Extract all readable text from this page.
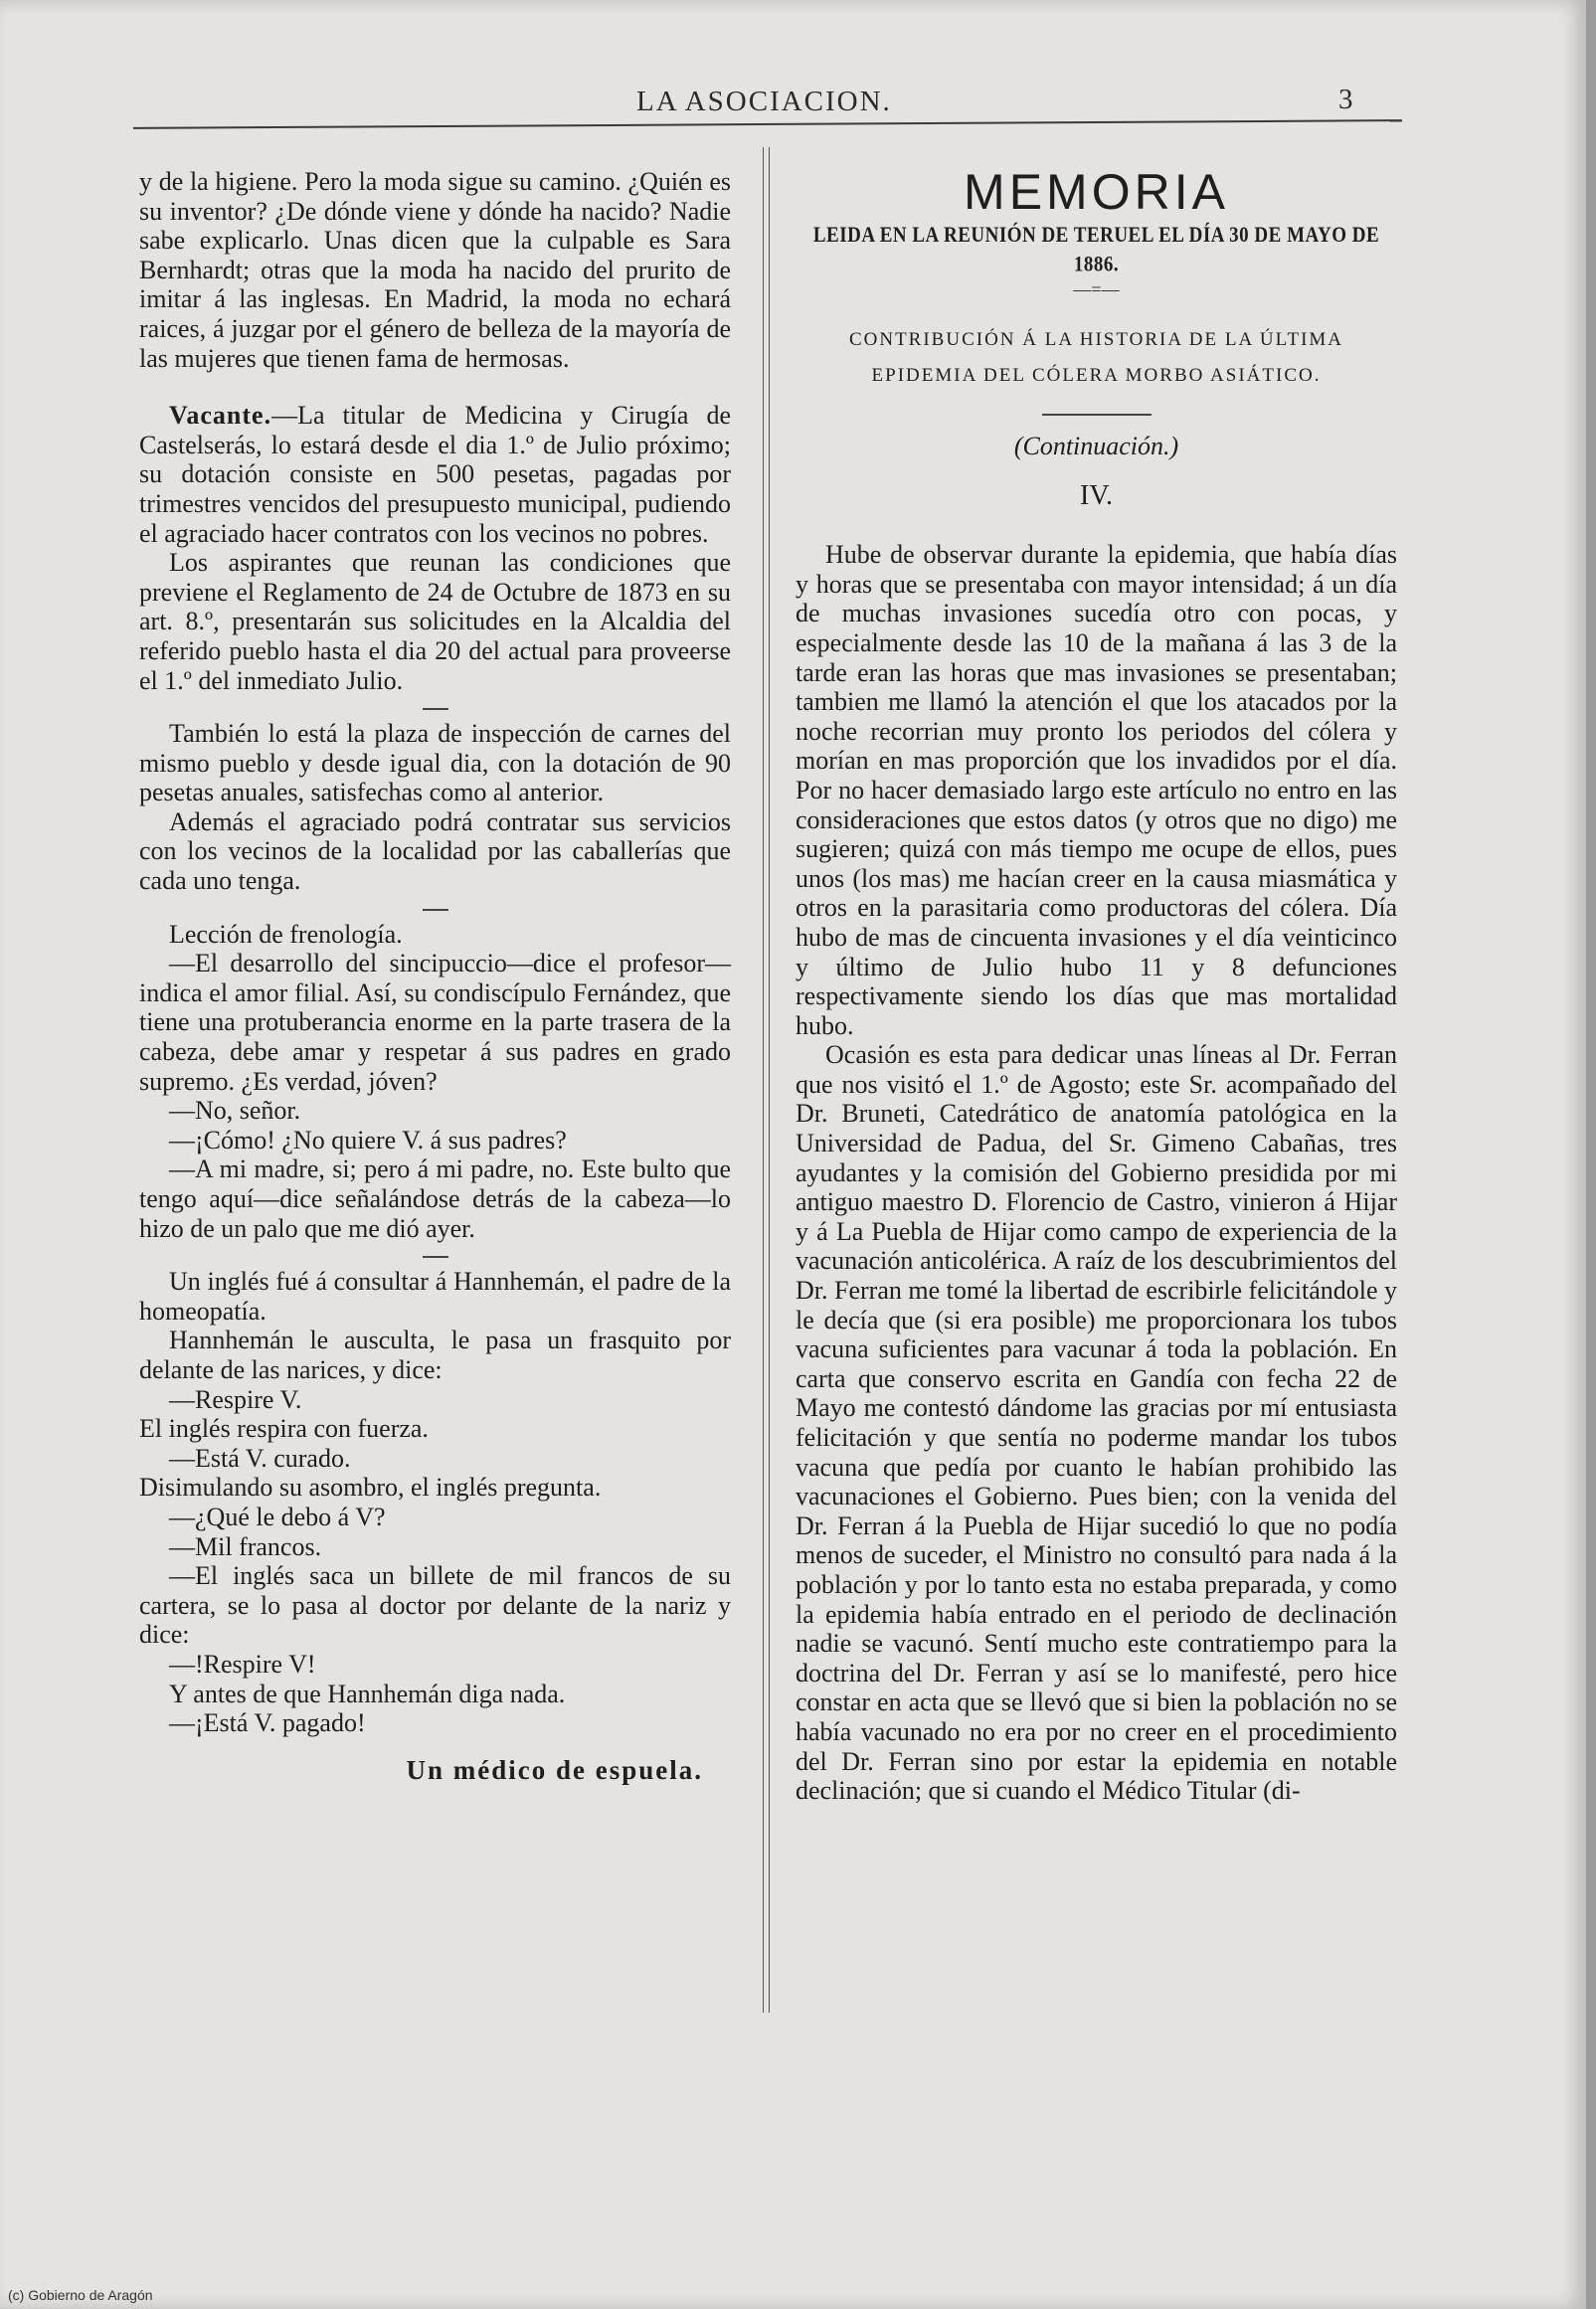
LA ASOCIACION.	3

y de la higiene. Pero la moda sigue su camino. ¿Quién es su inventor? ¿De dónde viene y dónde ha nacido? Nadie sabe explicarlo. Unas dicen que la culpable es Sara Bernhardt; otras que la moda ha nacido del prurito de imitar á las inglesas. En Madrid, la moda no echará raices, á juzgar por el género de belleza de la mayoría de las mujeres que tienen fama de hermosas.

Vacante.—La titular de Medicina y Cirugía de Castelserás, lo estará desde el dia 1.º de Julio próximo; su dotación consiste en 500 pesetas, pagadas por trimestres vencidos del presupuesto municipal, pudiendo el agraciado hacer contratos con los vecinos no pobres.

Los aspirantes que reunan las condiciones que previene el Reglamento de 24 de Octubre de 1873 en su art. 8.º, presentarán sus solicitudes en la Alcaldia del referido pueblo hasta el dia 20 del actual para proveerse el 1.º del inmediato Julio.

También lo está la plaza de inspección de carnes del mismo pueblo y desde igual dia, con la dotación de 90 pesetas anuales, satisfechas como al anterior.

Además el agraciado podrá contratar sus servicios con los vecinos de la localidad por las caballerías que cada uno tenga.

Lección de frenología.

—El desarrollo del sincipuccio—dice el profesor—indica el amor filial. Así, su condiscípulo Fernández, que tiene una protuberancia enorme en la parte trasera de la cabeza, debe amar y respetar á sus padres en grado supremo. ¿Es verdad, jóven?

—No, señor.

—¡Cómo! ¿No quiere V. á sus padres?

—A mi madre, si; pero á mi padre, no. Este bulto que tengo aquí—dice señalándose detrás de la cabeza—lo hizo de un palo que me dió ayer.

Un inglés fué á consultar á Hannhemán, el padre de la homeopatía.

Hannhemán le ausculta, le pasa un frasquito por delante de las narices, y dice:

—Respire V.

El inglés respira con fuerza.

—Está V. curado.

Disimulando su asombro, el inglés pregunta.

—¿Qué le debo á V?

—Mil francos.

—El inglés saca un billete de mil francos de su cartera, se lo pasa al doctor por delante de la nariz y dice:

—!Respire V!

Y antes de que Hannhemán diga nada.

—¡Está V. pagado!

Un médico de espuela.
MEMORIA
LEIDA EN LA REUNIÓN DE TERUEL EL DÍA 30 DE MAYO DE 1886.
—=—
CONTRIBUCIÓN Á LA HISTORIA DE LA ÚLTIMA EPIDEMIA DEL CÓLERA MORBO ASIÁTICO.
(Continuación.)
IV.

Hube de observar durante la epidemia, que había días y horas que se presentaba con mayor intensidad; á un día de muchas invasiones sucedía otro con pocas, y especialmente desde las 10 de la mañana á las 3 de la tarde eran las horas que mas invasiones se presentaban; tambien me llamó la atención el que los atacados por la noche recorrian muy pronto los periodos del cólera y morían en mas proporción que los invadidos por el día. Por no hacer demasiado largo este artículo no entro en las consideraciones que estos datos (y otros que no digo) me sugieren; quizá con más tiempo me ocupe de ellos, pues unos (los mas) me hacían creer en la causa miasmática y otros en la parasitaria como productoras del cólera. Día hubo de mas de cincuenta invasiones y el día veinticinco y último de Julio hubo 11 y 8 defunciones respectivamente siendo los días que mas mortalidad hubo.

Ocasión es esta para dedicar unas líneas al Dr. Ferran que nos visitó el 1.º de Agosto; este Sr. acompañado del Dr. Bruneti, Catedrático de anatomía patológica en la Universidad de Padua, del Sr. Gimeno Cabañas, tres ayudantes y la comisión del Gobierno presidida por mi antiguo maestro D. Florencio de Castro, vinieron á Hijar y á La Puebla de Hijar como campo de experiencia de la vacunación anticolérica. A raíz de los descubrimientos del Dr. Ferran me tomé la libertad de escribirle felicitándole y le decía que (si era posible) me proporcionara los tubos vacuna suficientes para vacunar á toda la población. En carta que conservo escrita en Gandía con fecha 22 de Mayo me contestó dándome las gracias por mí entusiasta felicitación y que sentía no poderme mandar los tubos vacuna que pedía por cuanto le habían prohibido las vacunaciones el Gobierno. Pues bien; con la venida del Dr. Ferran á la Puebla de Hijar sucedió lo que no podía menos de suceder, el Ministro no consultó para nada á la población y por lo tanto esta no estaba preparada, y como la epidemia había entrado en el periodo de declinación nadie se vacunó. Sentí mucho este contratiempo para la doctrina del Dr. Ferran y así se lo manifesté, pero hice constar en acta que se llevó que si bien la población no se había vacunado no era por no creer en el procedimiento del Dr. Ferran sino por estar la epidemia en notable declinación; que si cuando el Médico Titular (di-

(c) Gobierno de Aragón
